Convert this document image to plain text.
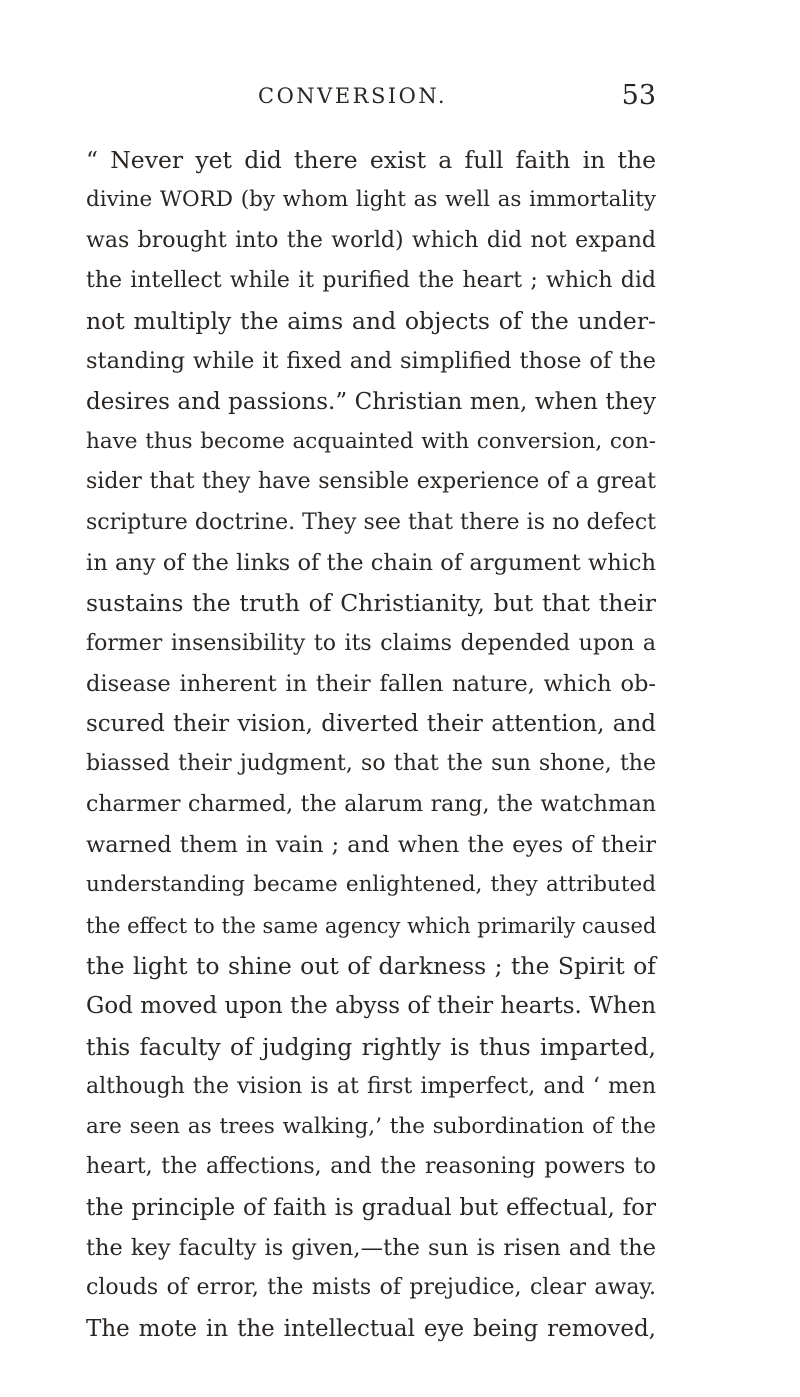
CONVERSION.	53
“ Never yet did there exist a full faith in the
divine WORD (by whom light as well as immortality
was brought into the world) which did not expand
the intellect while it purified the heart ; which did
not multiply the aims and objects of the under-
standing while it fixed and simplified those of the
desires and passions.” Christian men, when they
have thus become acquainted with conversion, con-
sider that they have sensible experience of a great
scripture doctrine. They see that there is no defect
in any of the links of the chain of argument which
sustains the truth of Christianity, but that their
former insensibility to its claims depended upon a
disease inherent in their fallen nature, which ob-
scured their vision, diverted their attention, and
biassed their judgment, so that the sun shone, the
charmer charmed, the alarum rang, the watchman
warned them in vain ; and when the eyes of their
understanding became enlightened, they attributed
the effect to the same agency which primarily caused
the light to shine out of darkness ; the Spirit of
God moved upon the abyss of their hearts. When
this faculty of judging rightly is thus imparted,
although the vision is at first imperfect, and ‘ men
are seen as trees walking,’ the subordination of the
heart, the affections, and the reasoning powers to
the principle of faith is gradual but effectual, for
the key faculty is given,—the sun is risen and the
clouds of error, the mists of prejudice, clear away.
The mote in the intellectual eye being removed,
